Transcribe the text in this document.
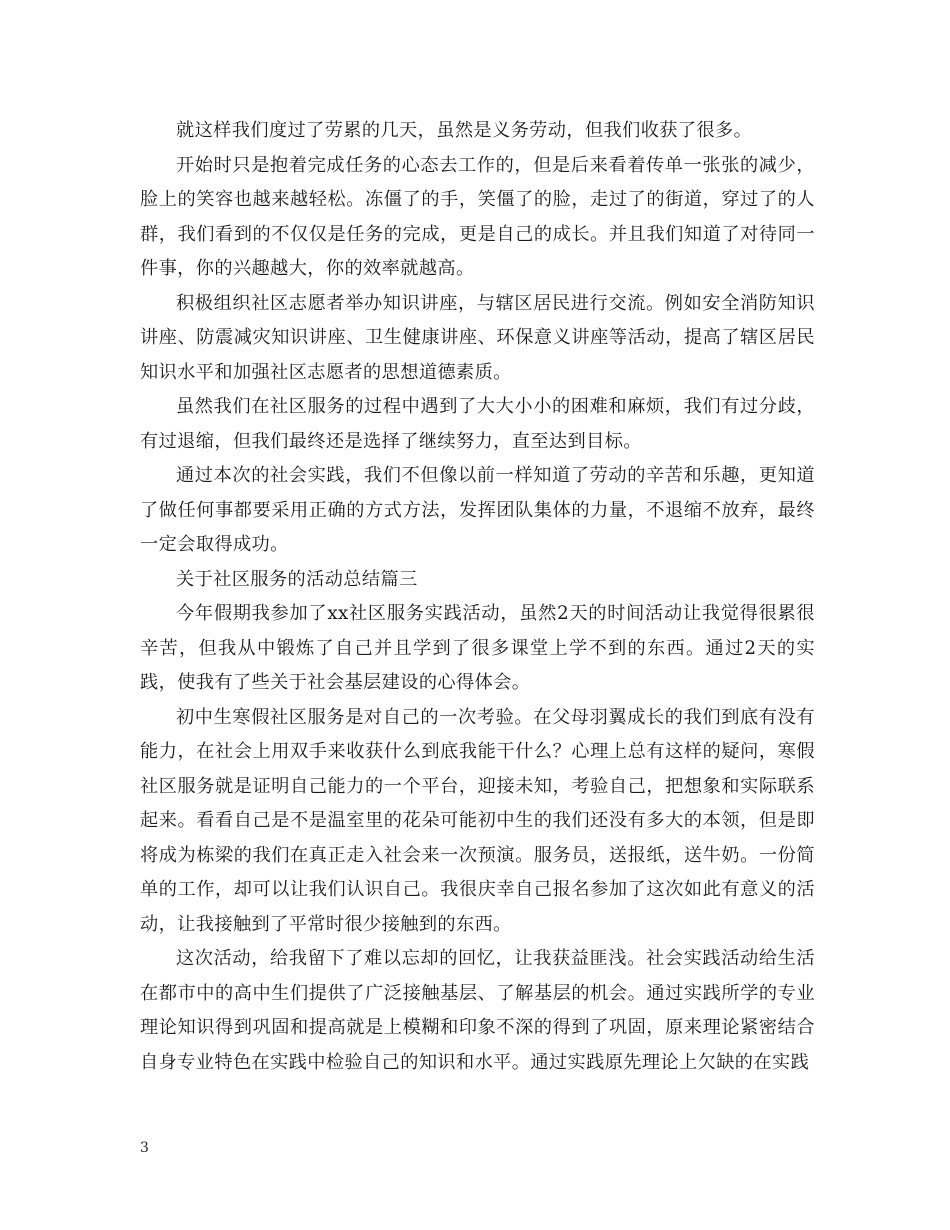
就这样我们度过了劳累的几天，虽然是义务劳动，但我们收获了很多。

开始时只是抱着完成任务的心态去工作的，但是后来看着传单一张张的减少，脸上的笑容也越来越轻松。冻僵了的手，笑僵了的脸，走过了的街道，穿过了的人群，我们看到的不仅仅是任务的完成，更是自己的成长。并且我们知道了对待同一件事，你的兴趣越大，你的效率就越高。

积极组织社区志愿者举办知识讲座，与辖区居民进行交流。例如安全消防知识讲座、防震减灾知识讲座、卫生健康讲座、环保意义讲座等活动，提高了辖区居民知识水平和加强社区志愿者的思想道德素质。

虽然我们在社区服务的过程中遇到了大大小小的困难和麻烦，我们有过分歧，有过退缩，但我们最终还是选择了继续努力，直至达到目标。

通过本次的社会实践，我们不但像以前一样知道了劳动的辛苦和乐趣，更知道了做任何事都要采用正确的方式方法，发挥团队集体的力量，不退缩不放弃，最终一定会取得成功。

关于社区服务的活动总结篇三

今年假期我参加了xx社区服务实践活动，虽然2天的时间活动让我觉得很累很辛苦，但我从中锻炼了自己并且学到了很多课堂上学不到的东西。通过2天的实践，使我有了些关于社会基层建设的心得体会。

初中生寒假社区服务是对自己的一次考验。在父母羽翼成长的我们到底有没有能力，在社会上用双手来收获什么到底我能干什么？心理上总有这样的疑问，寒假社区服务就是证明自己能力的一个平台，迎接未知，考验自己，把想象和实际联系起来。看看自己是不是温室里的花朵可能初中生的我们还没有多大的本领，但是即将成为栋梁的我们在真正走入社会来一次预演。服务员，送报纸，送牛奶。一份简单的工作，却可以让我们认识自己。我很庆幸自己报名参加了这次如此有意义的活动，让我接触到了平常时很少接触到的东西。

这次活动，给我留下了难以忘却的回忆，让我获益匪浅。社会实践活动给生活在都市中的高中生们提供了广泛接触基层、了解基层的机会。通过实践所学的专业理论知识得到巩固和提高就是上模糊和印象不深的得到了巩固，原来理论紧密结合自身专业特色在实践中检验自己的知识和水平。通过实践原先理论上欠缺的在实践

3
